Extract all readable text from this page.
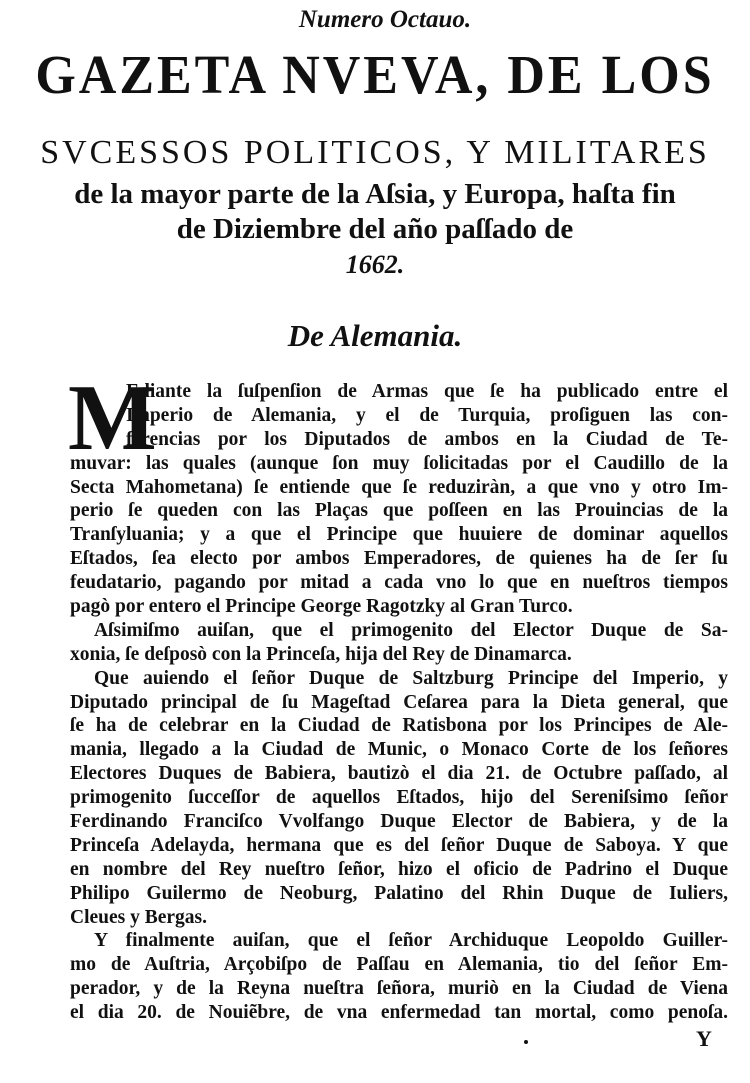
Numero Octauo.
GAZETA NVEVA, DE LOS
SVCESSOS POLITICOS, Y MILITARES
de la mayor parte de la Aſsia, y Europa, haſta fin
de Diziembre del año paſſado de
1662.
De Alemania.
M
Ediante la ſuſpenſion de Armas que ſe ha publicado entre el
Imperio de Alemania, y el de Turquia, proſiguen las con-
ferencias por los Diputados de ambos en la Ciudad de Te-
muvar: las quales (aunque ſon muy ſolicitadas por el Caudillo de la
Secta Mahometana) ſe entiende que ſe reduziràn, a que vno y otro Im-
perio ſe queden con las Plaças que poſſeen en las Prouincias de la
Tranſyluania; y a que el Principe que huuiere de dominar aquellos
Eſtados, ſea electo por ambos Emperadores, de quienes ha de ſer ſu
feudatario, pagando por mitad a cada vno lo que en nueſtros tiempos
pagò por entero el Principe George Ragotzky al Gran Turco.
Aſsimiſmo auiſan, que el primogenito del Elector Duque de Sa-
xonia, ſe deſposò con la Princeſa, hija del Rey de Dinamarca.
Que auiendo el ſeñor Duque de Saltzburg Principe del Imperio, y
Diputado principal de ſu Mageſtad Ceſarea para la Dieta general, que
ſe ha de celebrar en la Ciudad de Ratisbona por los Principes de Ale-
mania, llegado a la Ciudad de Munic, o Monaco Corte de los ſeñores
Electores Duques de Babiera, bautizò el dia 21. de Octubre paſſado, al
primogenito ſucceſſor de aquellos Eſtados, hijo del Sereniſsimo ſeñor
Ferdinando Franciſco Vvolfango Duque Elector de Babiera, y de la
Princeſa Adelayda, hermana que es del ſeñor Duque de Saboya. Y que
en nombre del Rey nueſtro ſeñor, hizo el oficio de Padrino el Duque
Philipo Guilermo de Neoburg, Palatino del Rhin Duque de Iuliers,
Cleues y Bergas.
Y finalmente auiſan, que el ſeñor Archiduque Leopoldo Guiller-
mo de Auſtria, Arçobiſpo de Paſſau en Alemania, tio del ſeñor Em-
perador, y de la Reyna nueſtra ſeñora, muriò en la Ciudad de Viena
el dia 20. de Nouiẽbre, de vna enfermedad tan mortal, como penoſa.
Y
